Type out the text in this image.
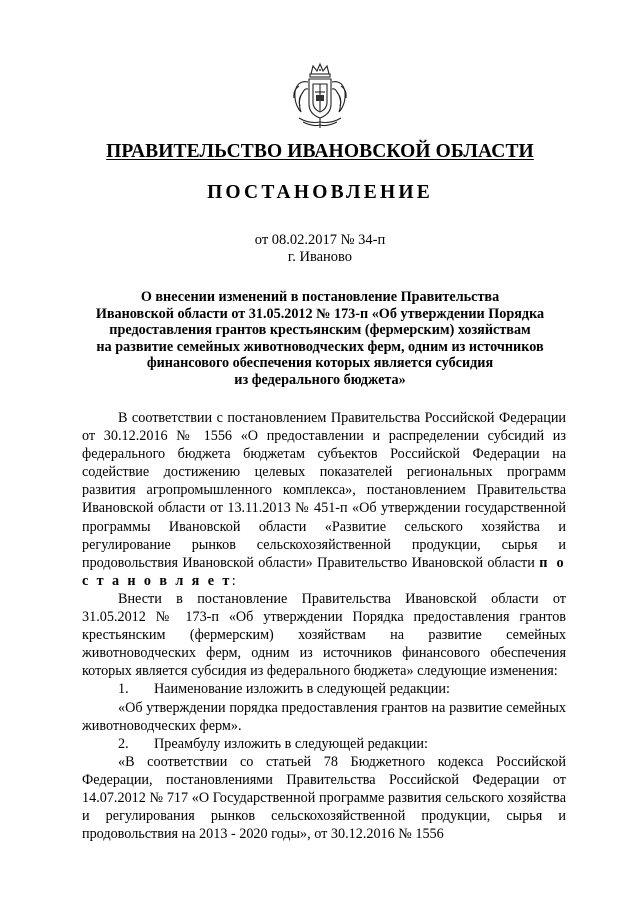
ПРАВИТЕЛЬСТВО ИВАНОВСКОЙ ОБЛАСТИ
ПОСТАНОВЛЕНИЕ
от 08.02.2017 № 34-п
г. Иваново
О внесении изменений в постановление Правительства
Ивановской области от 31.05.2012 № 173-п «Об утверждении Порядка
предоставления грантов крестьянским (фермерским) хозяйствам
на развитие семейных животноводческих ферм, одним из источников
финансового обеспечения которых является субсидия
из федерального бюджета»

В соответствии с постановлением Правительства Российской Федерации от 30.12.2016 № 1556 «О предоставлении и распределении субсидий из федерального бюджета бюджетам субъектов Российской Федерации на содействие достижению целевых показателей региональных программ развития агропромышленного комплекса», постановлением Правительства Ивановской области от 13.11.2013 № 451-п «Об утверждении государственной программы Ивановской области «Развитие сельского хозяйства и регулирование рынков сельскохозяйственной продукции, сырья и продовольствия Ивановской области» Правительство Ивановской области п о с т а н о в л я е т:

Внести в постановление Правительства Ивановской области от 31.05.2012 № 173-п «Об утверждении Порядка предоставления грантов крестьянским (фермерским) хозяйствам на развитие семейных животноводческих ферм, одним из источников финансового обеспечения которых является субсидия из федерального бюджета» следующие изменения:

1. Наименование изложить в следующей редакции:

«Об утверждении порядка предоставления грантов на развитие семейных животноводческих ферм».

2. Преамбулу изложить в следующей редакции:

«В соответствии со статьей 78 Бюджетного кодекса Российской Федерации, постановлениями Правительства Российской Федерации от 14.07.2012 № 717 «О Государственной программе развития сельского хозяйства и регулирования рынков сельскохозяйственной продукции, сырья и продовольствия на 2013 - 2020 годы», от 30.12.2016 № 1556
